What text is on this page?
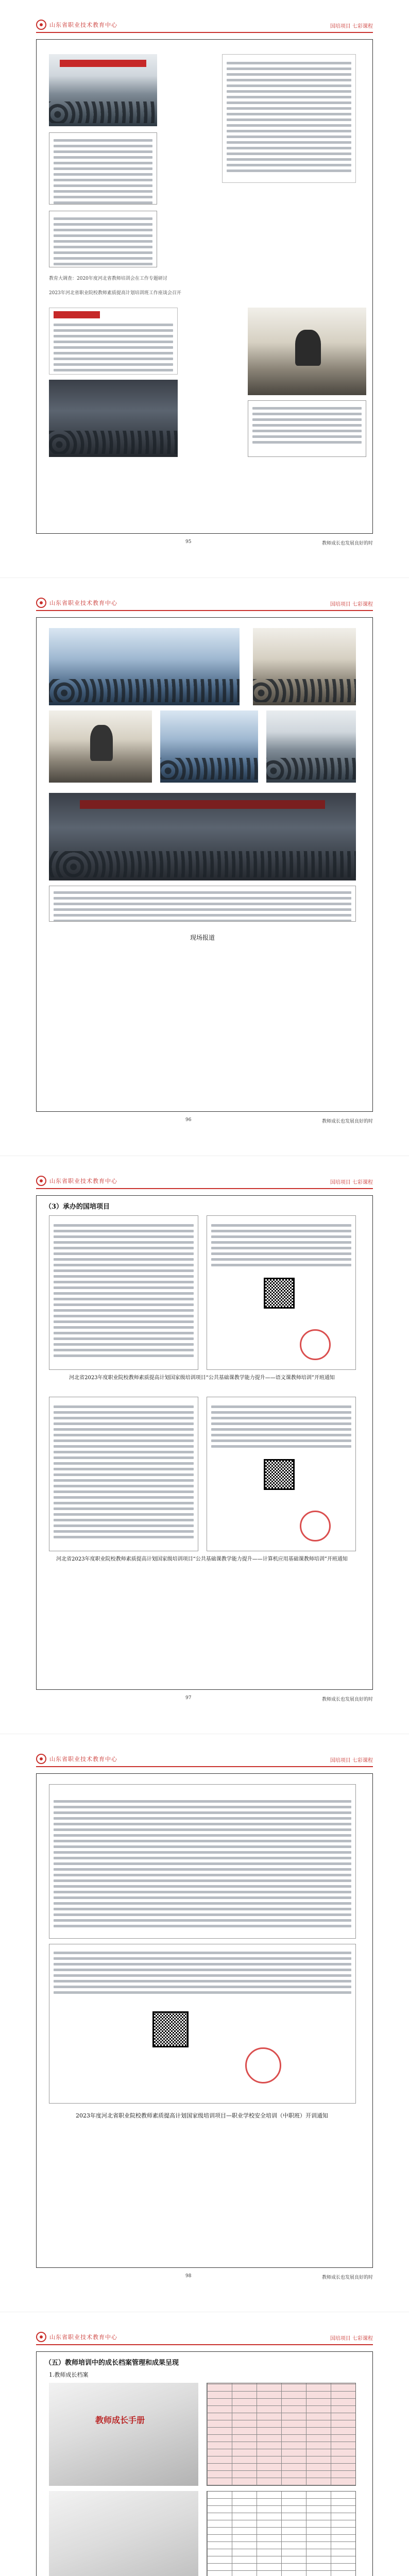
山东省职业技术教育中心	国培项目 七彩课程
教育大调查：2020年度河北省教师培训会在工作专题研讨
2023年河北省职业院校教师素质提高计划培训班工作座谈会召开
95	教师成长也发展良好的时
山东省职业技术教育中心	国培项目 七彩课程
现场报道
96	教师成长也发展良好的时
山东省职业技术教育中心	国培项目 七彩课程
（3）承办的国培项目
河北省2023年度职业院校教师素质提高计划国家级培训项目“公共基础课教学能力提升——语文课教师培训”开班通知
河北省2023年度职业院校教师素质提高计划国家级培训项目“公共基础课教学能力提升——计算机应用基础课教师培训”开班通知
97	教师成长也发展良好的时
山东省职业技术教育中心	国培项目 七彩课程
2023年度河北省职业院校教师素质提高计划国家级培训项目—职业学校安全培训（中职班）开训通知
98	教师成长也发展良好的时
山东省职业技术教育中心	国培项目 七彩课程
（五）教师培训中的成长档案管理和成果呈现
1.教师成长档案
教师成长手册
